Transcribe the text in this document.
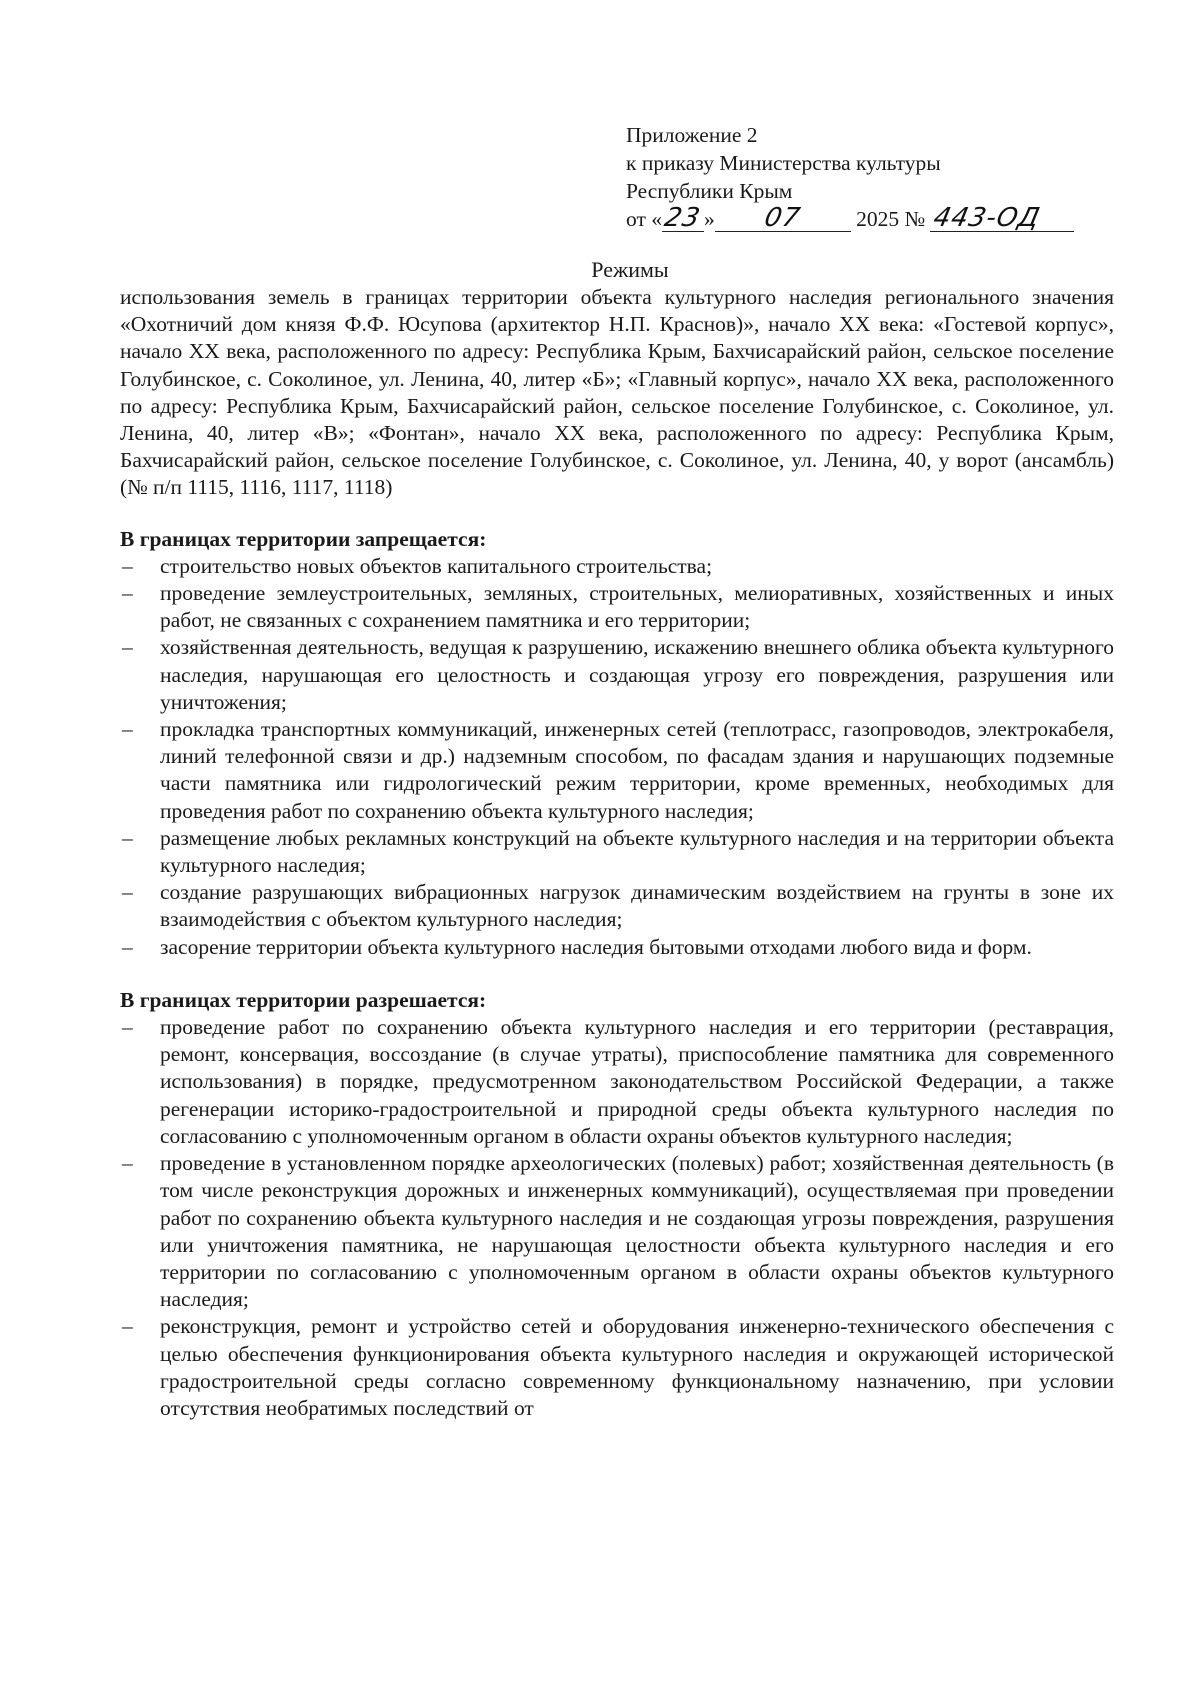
Приложение 2
к приказу Министерства культуры
Республики Крым
от «23» 07 2025 № 443-ОД
Режимы

использования земель в границах территории объекта культурного наследия регионального значения «Охотничий дом князя Ф.Ф. Юсупова (архитектор Н.П. Краснов)», начало XX века: «Гостевой корпус», начало XX века, расположенного по адресу: Республика Крым, Бахчисарайский район, сельское поселение Голубинское, с. Соколиное, ул. Ленина, 40, литер «Б»; «Главный корпус», начало XX века, расположенного по адресу: Республика Крым, Бахчисарайский район, сельское поселение Голубинское, с. Соколиное, ул. Ленина, 40, литер «В»; «Фонтан», начало XX века, расположенного по адресу: Республика Крым, Бахчисарайский район, сельское поселение Голубинское, с. Соколиное, ул. Ленина, 40, у ворот (ансамбль) (№ п/п 1115, 1116, 1117, 1118)

В границах территории запрещается:

– строительство новых объектов капитального строительства;
– проведение землеустроительных, земляных, строительных, мелиоративных, хозяйственных и иных работ, не связанных с сохранением памятника и его территории;
– хозяйственная деятельность, ведущая к разрушению, искажению внешнего облика объекта культурного наследия, нарушающая его целостность и создающая угрозу его повреждения, разрушения или уничтожения;
– прокладка транспортных коммуникаций, инженерных сетей (теплотрасс, газопроводов, электрокабеля, линий телефонной связи и др.) надземным способом, по фасадам здания и нарушающих подземные части памятника или гидрологический режим территории, кроме временных, необходимых для проведения работ по сохранению объекта культурного наследия;
– размещение любых рекламных конструкций на объекте культурного наследия и на территории объекта культурного наследия;
– создание разрушающих вибрационных нагрузок динамическим воздействием на грунты в зоне их взаимодействия с объектом культурного наследия;
– засорение территории объекта культурного наследия бытовыми отходами любого вида и форм.

В границах территории разрешается:

– проведение работ по сохранению объекта культурного наследия и его территории (реставрация, ремонт, консервация, воссоздание (в случае утраты), приспособление памятника для современного использования) в порядке, предусмотренном законодательством Российской Федерации, а также регенерации историко-градостроительной и природной среды объекта культурного наследия по согласованию с уполномоченным органом в области охраны объектов культурного наследия;
– проведение в установленном порядке археологических (полевых) работ; хозяйственная деятельность (в том числе реконструкция дорожных и инженерных коммуникаций), осуществляемая при проведении работ по сохранению объекта культурного наследия и не создающая угрозы повреждения, разрушения или уничтожения памятника, не нарушающая целостности объекта культурного наследия и его территории по согласованию с уполномоченным органом в области охраны объектов культурного наследия;
– реконструкция, ремонт и устройство сетей и оборудования инженерно-технического обеспечения с целью обеспечения функционирования объекта культурного наследия и окружающей исторической градостроительной среды согласно современному функциональному назначению, при условии отсутствия необратимых последствий от
